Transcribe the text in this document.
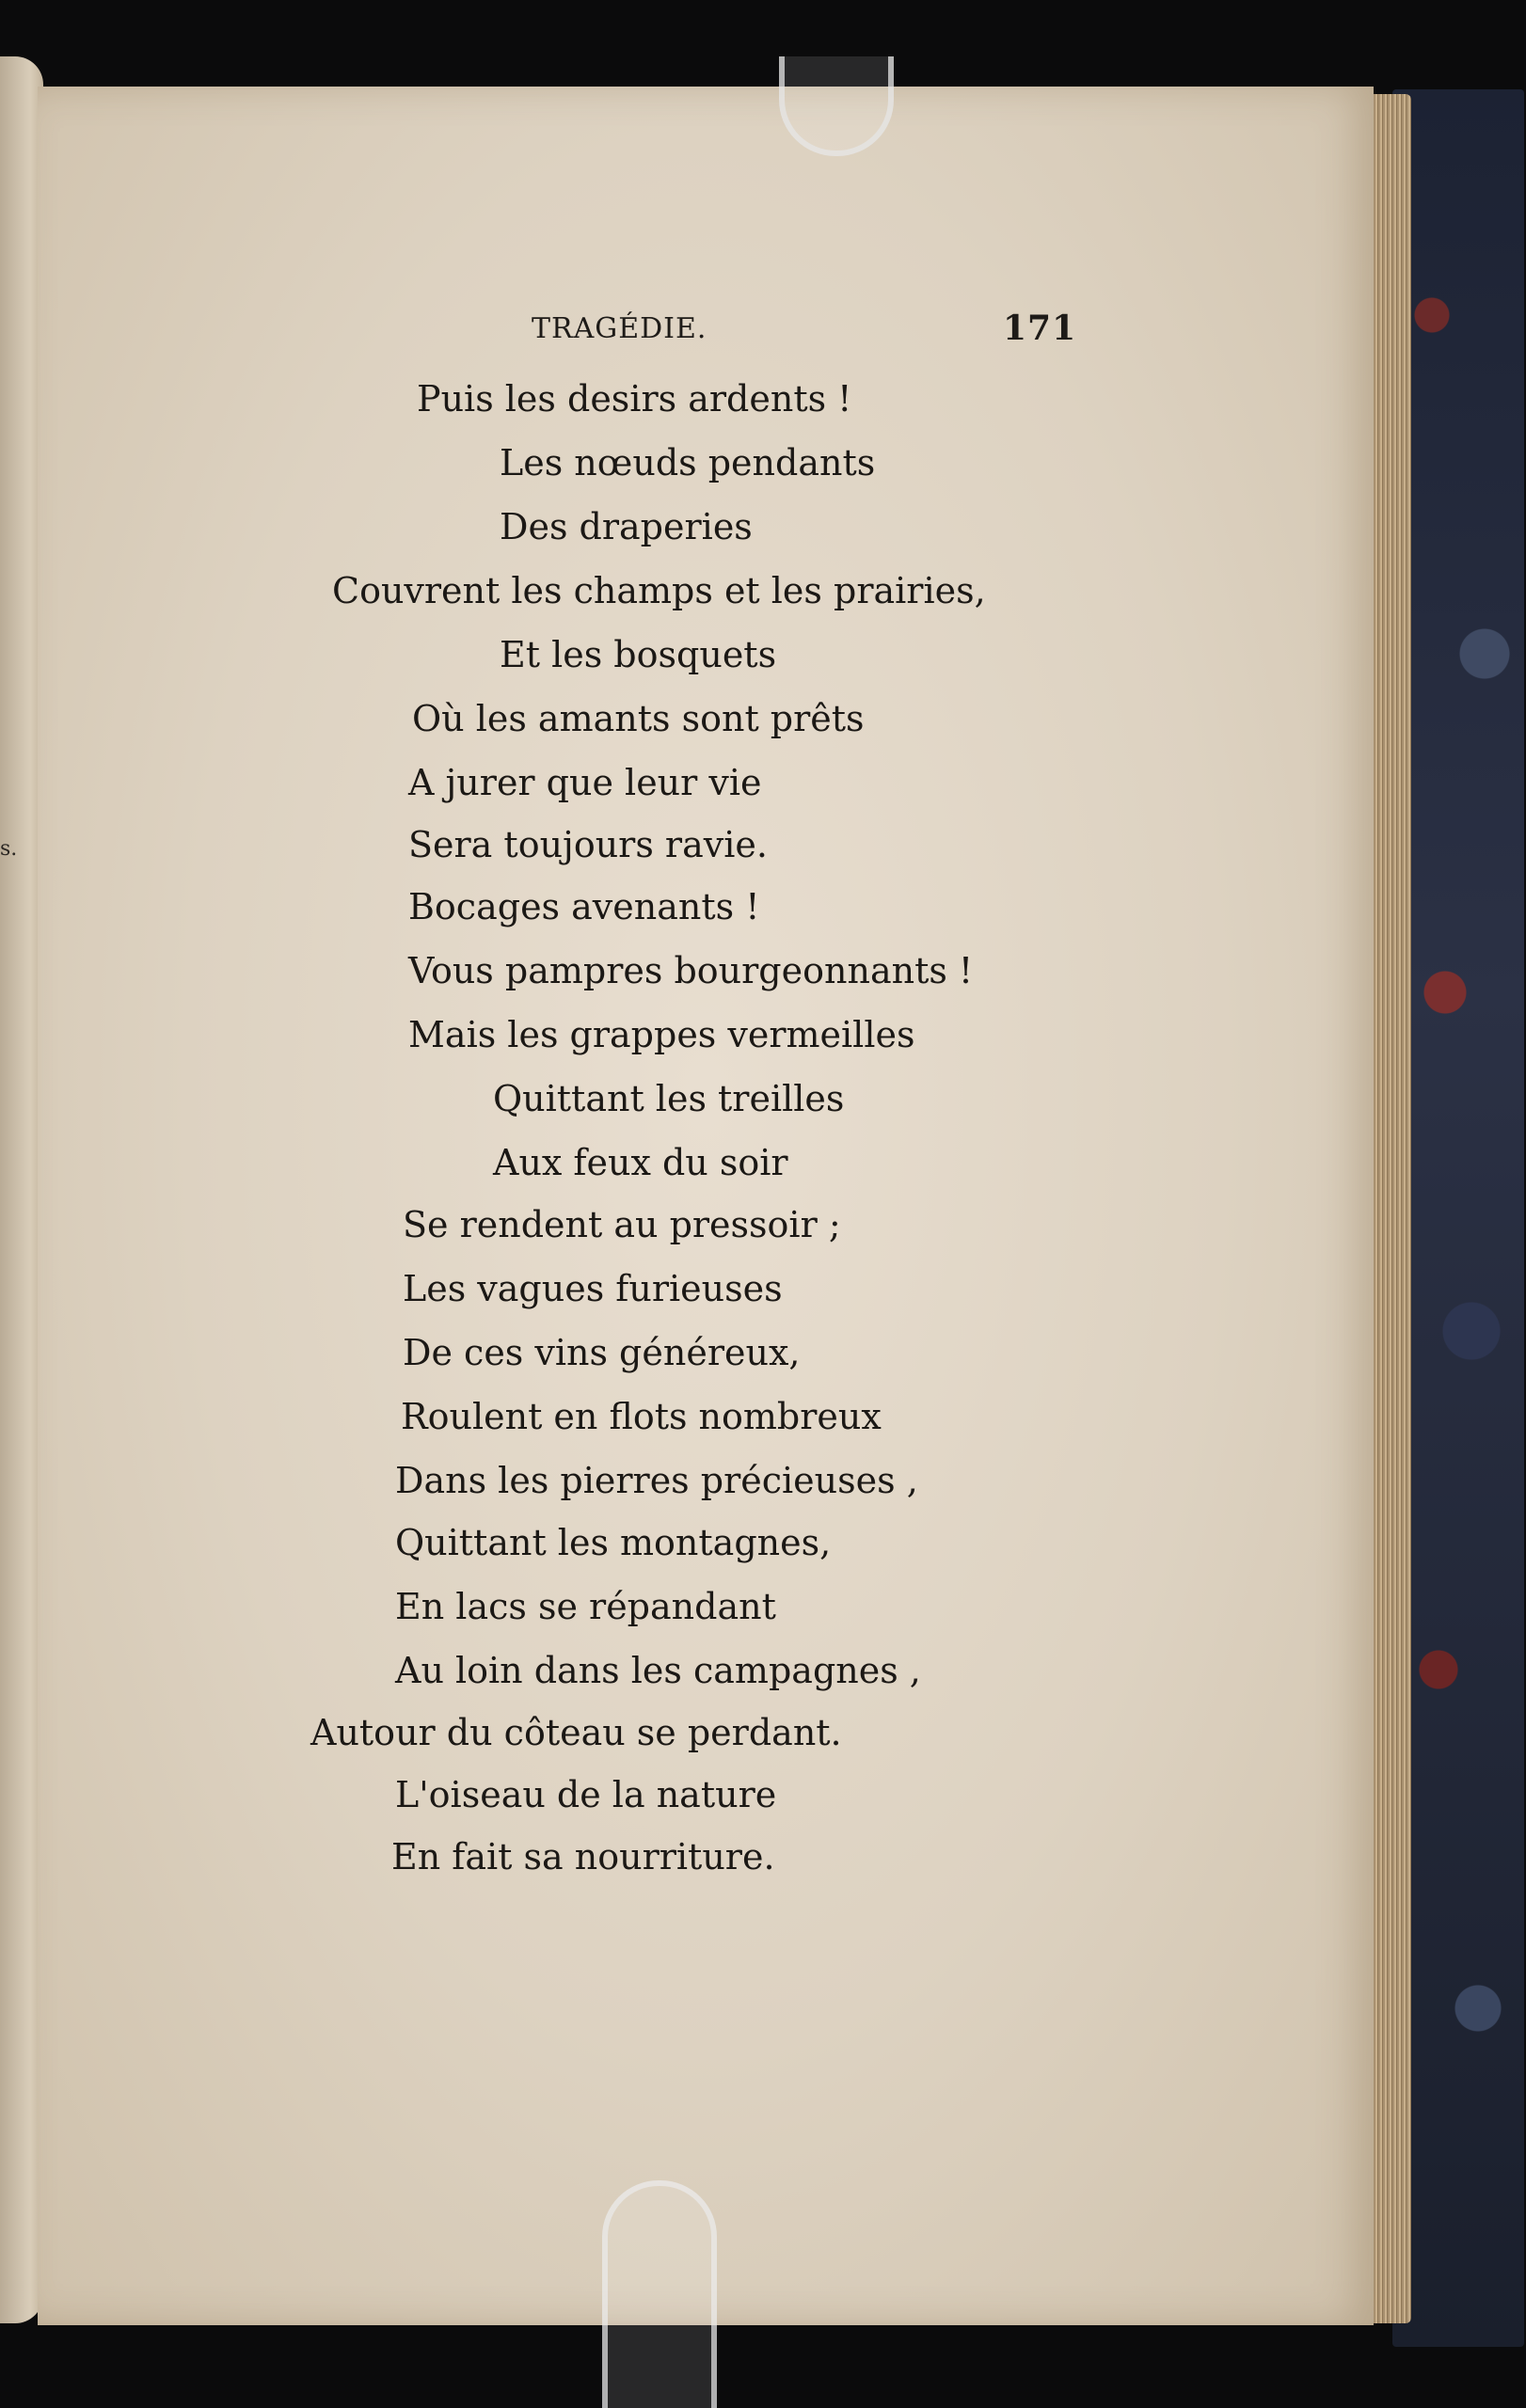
s.
TRAGÉDIE.	171
Puis les desirs ardents !
Les nœuds pendants
Des draperies
Couvrent les champs et les prairies,
Et les bosquets
Où les amants sont prêts
A jurer que leur vie
Sera toujours ravie.
Bocages avenants !
Vous pampres bourgeonnants !
Mais les grappes vermeilles
Quittant les treilles
Aux feux du soir
Se rendent au pressoir ;
Les vagues furieuses
De ces vins généreux,
Roulent en flots nombreux
Dans les pierres précieuses ,
Quittant les montagnes,
En lacs se répandant
Au loin dans les campagnes ,
Autour du côteau se perdant.
L'oiseau de la nature
En fait sa nourriture.
